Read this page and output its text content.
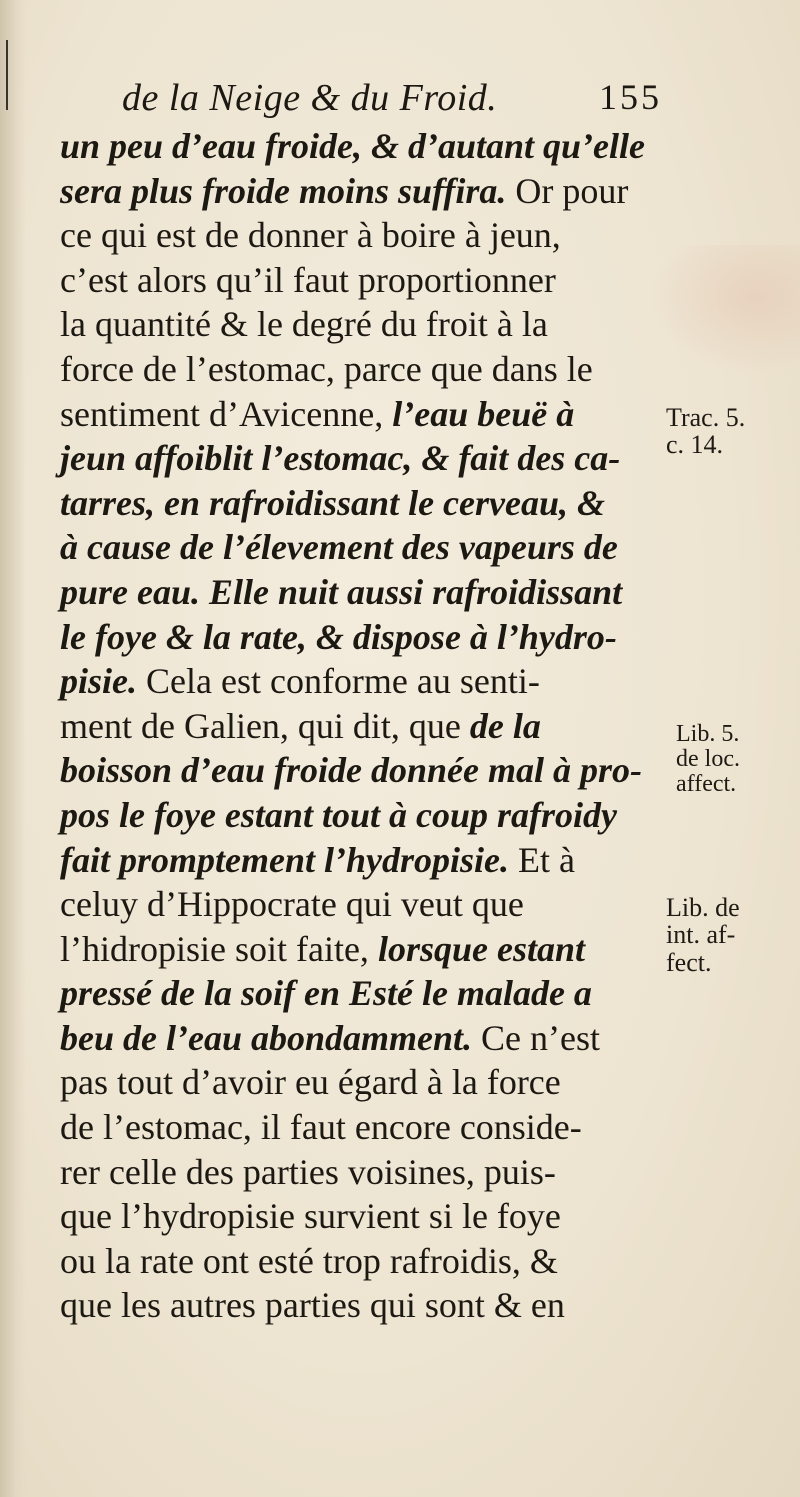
de la Neige & du Froid.	155
un peu d’eau froide, & d’autant qu’elle
sera plus froide moins suffira. Or pour
ce qui est de donner à boire à jeun,
c’est alors qu’il faut proportionner
la quantité & le degré du froit à la
force de l’estomac, parce que dans le
sentiment d’Avicenne, l’eau beuë à
jeun affoiblit l’estomac, & fait des ca-
tarres, en rafroidissant le cerveau, &
à cause de l’élevement des vapeurs de
pure eau. Elle nuit aussi rafroidissant
le foye & la rate, & dispose à l’hydro-
pisie. Cela est conforme au senti-
ment de Galien, qui dit, que de la
boisson d’eau froide donnée mal à pro-
pos le foye estant tout à coup rafroidy
fait promptement l’hydropisie. Et à
celuy d’Hippocrate qui veut que
l’hidropisie soit faite, lorsque estant
pressé de la soif en Esté le malade a
beu de l’eau abondamment. Ce n’est
pas tout d’avoir eu égard à la force
de l’estomac, il faut encore conside-
rer celle des parties voisines, puis-
que l’hydropisie survient si le foye
ou la rate ont esté trop rafroidis, &
que les autres parties qui sont & en
Trac. 5.
c. 14.
Lib. 5.
de loc.
affect.
Lib. de
int. af-
fect.
